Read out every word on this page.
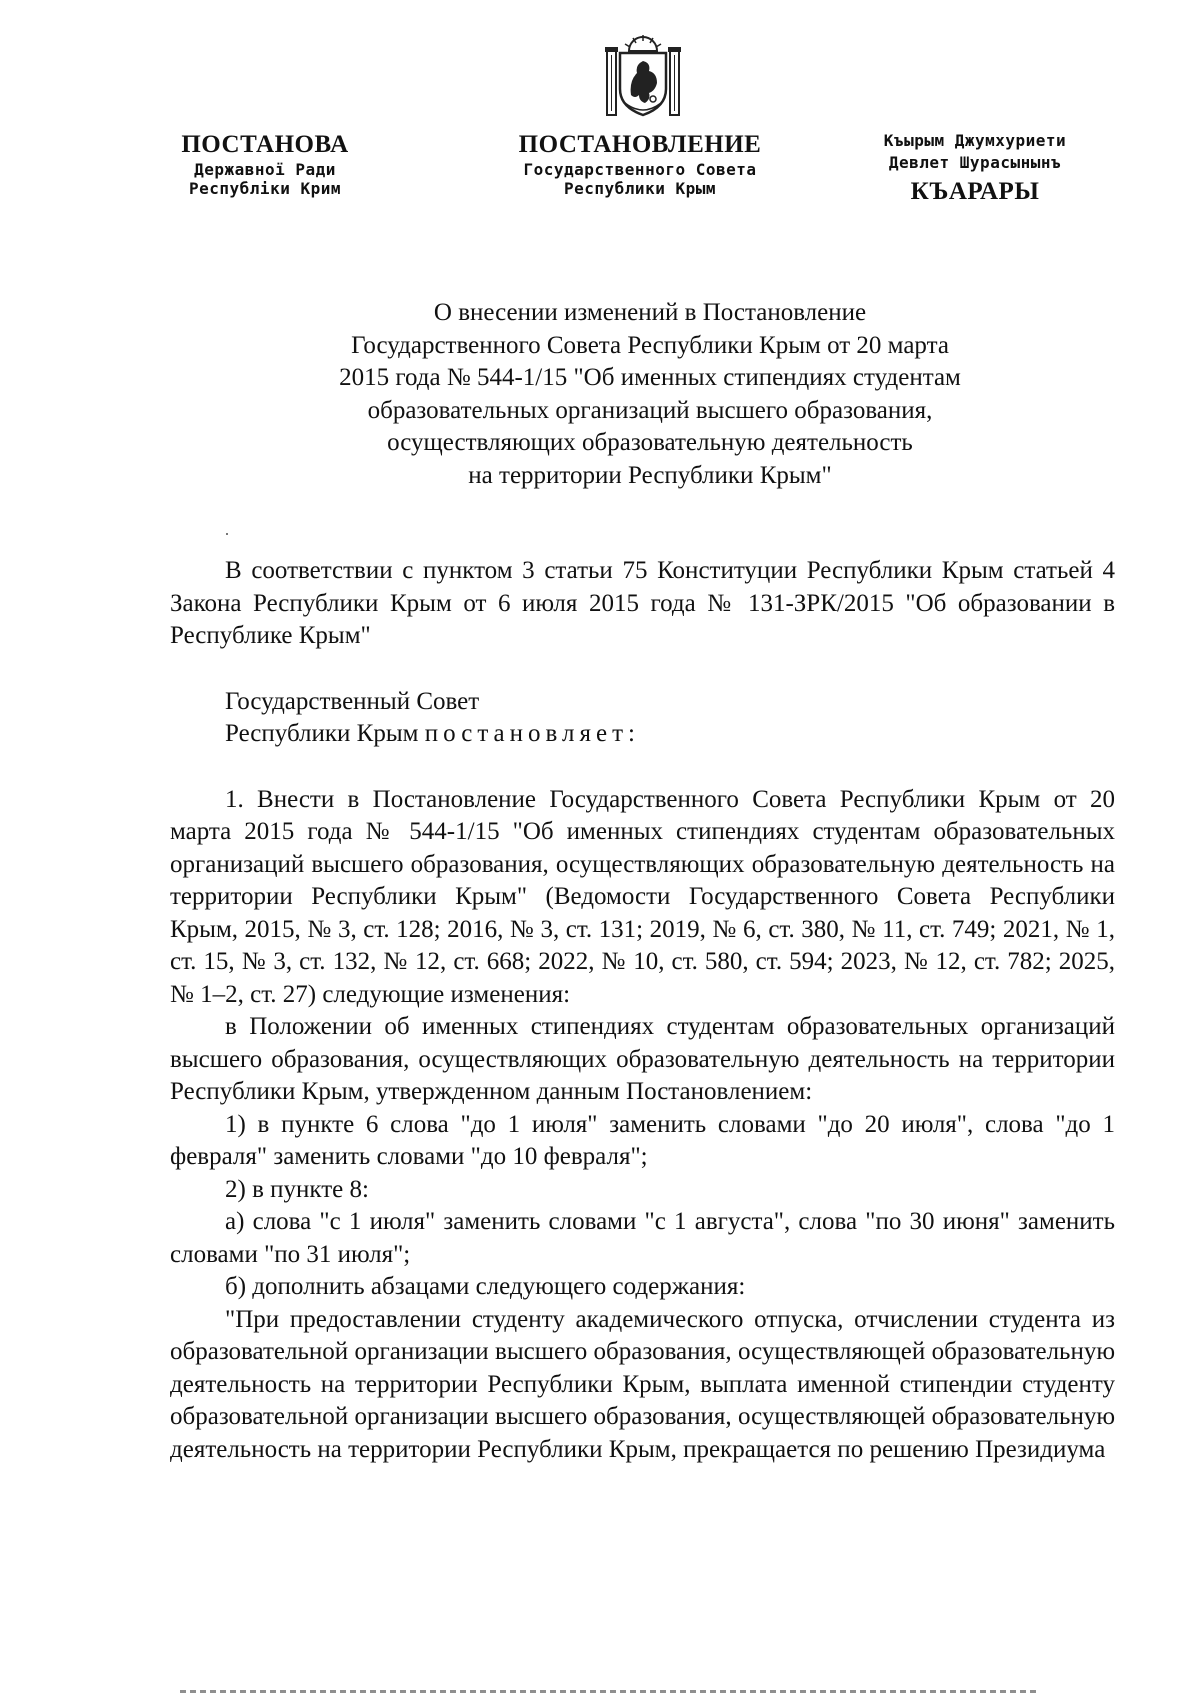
ПОСТАНОВА
Державної Ради
Республіки Крим
ПОСТАНОВЛЕНИЕ
Государственного Совета
Республики Крым
Къырым Джумхуриети
Девлет Шурасынынъ
КЪАРАРЫ
О внесении изменений в Постановление
Государственного Совета Республики Крым от 20 марта
2015 года № 544-1/15 "Об именных стипендиях студентам
образовательных организаций высшего образования,
осуществляющих образовательную деятельность
на территории Республики Крым"

В соответствии с пунктом 3 статьи 75 Конституции Республики Крым статьей 4 Закона Республики Крым от 6 июля 2015 года № 131-ЗРК/2015 "Об образовании в Республике Крым"

Государственный Совет

Республики Крым постановляет:

1. Внести в Постановление Государственного Совета Республики Крым от 20 марта 2015 года № 544-1/15 "Об именных стипендиях студентам образовательных организаций высшего образования, осуществляющих образовательную деятельность на территории Республики Крым" (Ведомости Государственного Совета Республики Крым, 2015, № 3, ст. 128; 2016, № 3, ст. 131; 2019, № 6, ст. 380, № 11, ст. 749; 2021, № 1, ст. 15, № 3, ст. 132, № 12, ст. 668; 2022, № 10, ст. 580, ст. 594; 2023, № 12, ст. 782; 2025, № 1–2, ст. 27) следующие изменения:

в Положении об именных стипендиях студентам образовательных организаций высшего образования, осуществляющих образовательную деятельность на территории Республики Крым, утвержденном данным Постановлением:

1) в пункте 6 слова "до 1 июля" заменить словами "до 20 июля", слова "до 1 февраля" заменить словами "до 10 февраля";

2) в пункте 8:

а) слова "с 1 июля" заменить словами "с 1 августа", слова "по 30 июня" заменить словами "по 31 июля";

б) дополнить абзацами следующего содержания:

"При предоставлении студенту академического отпуска, отчислении студента из образовательной организации высшего образования, осуществляющей образовательную деятельность на территории Республики Крым, выплата именной стипендии студенту образовательной организации высшего образования, осуществляющей образовательную деятельность на территории Республики Крым, прекращается по решению Президиума
